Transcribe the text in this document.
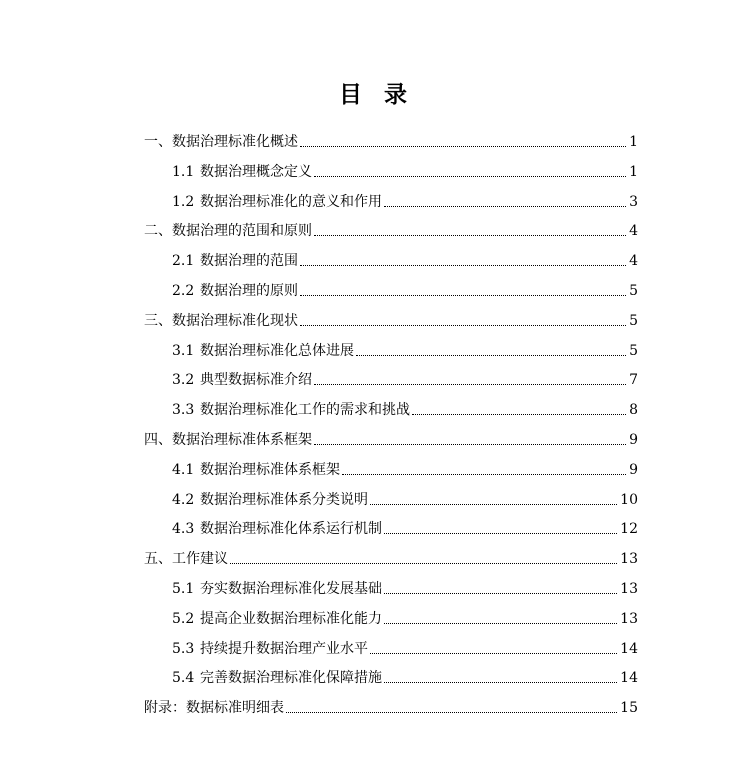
目 录
一、 数据治理标准化概述	1
1.1 数据治理概念定义	1
1.2 数据治理标准化的意义和作用	3
二、 数据治理的范围和原则	4
2.1 数据治理的范围	4
2.2 数据治理的原则	5
三、 数据治理标准化现状	5
3.1 数据治理标准化总体进展	5
3.2 典型数据标准介绍	7
3.3 数据治理标准化工作的需求和挑战	8
四、 数据治理标准体系框架	9
4.1 数据治理标准体系框架	9
4.2 数据治理标准体系分类说明	10
4.3 数据治理标准化体系运行机制	12
五、 工作建议	13
5.1 夯实数据治理标准化发展基础	13
5.2 提高企业数据治理标准化能力	13
5.3 持续提升数据治理产业水平	14
5.4 完善数据治理标准化保障措施	14
附录： 数据标准明细表	15
